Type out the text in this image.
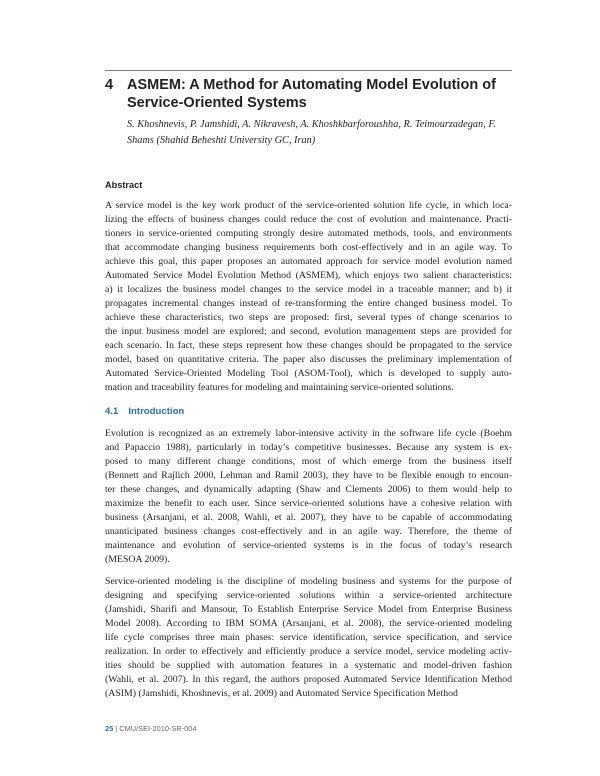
4 ASMEM: A Method for Automating Model Evolution of
Service-Oriented Systems
S. Khoshnevis, P. Jamshidi, A. Nikravesh, A. Khoshkbarforoushha, R. Teimourzadegan, F.
Shams (Shahid Beheshti University GC, Iran)
Abstract
A service model is the key work product of the service-oriented solution life cycle, in which loca-
lizing the effects of business changes could reduce the cost of evolution and maintenance. Practi-
tioners in service-oriented computing strongly desire automated methods, tools, and environments
that accommodate changing business requirements both cost-effectively and in an agile way. To
achieve this goal, this paper proposes an automated approach for service model evolution named
Automated Service Model Evolution Method (ASMEM), which enjoys two salient characteristics:
a) it localizes the business model changes to the service model in a traceable manner; and b) it
propagates incremental changes instead of re-transforming the entire changed business model. To
achieve these characteristics, two steps are proposed: first, several types of change scenarios to
the input business model are explored; and second, evolution management steps are provided for
each scenario. In fact, these steps represent how these changes should be propagated to the service
model, based on quantitative criteria. The paper also discusses the preliminary implementation of
Automated Service-Oriented Modeling Tool (ASOM-Tool), which is developed to supply auto-
mation and traceability features for modeling and maintaining service-oriented solutions.
4.1 Introduction
Evolution is recognized as an extremely labor-intensive activity in the software life cycle (Boehm
and Papaccio 1988), particularly in today’s competitive businesses. Because any system is ex-
posed to many different change conditions, most of which emerge from the business itself
(Bennett and Rajlich 2000, Lehman and Ramil 2003), they have to be flexible enough to encoun-
ter these changes, and dynamically adapting (Shaw and Clements 2006) to them would help to
maximize the benefit to each user. Since service-oriented solutions have a cohesive relation with
business (Arsanjani, et al. 2008, Wahli, et al. 2007), they have to be capable of accommodating
unanticipated business changes cost-effectively and in an agile way. Therefore, the theme of
maintenance and evolution of service-oriented systems is in the focus of today’s research
(MESOA 2009).
Service-oriented modeling is the discipline of modeling business and systems for the purpose of
designing and specifying service-oriented solutions within a service-oriented architecture
(Jamshidi, Sharifi and Mansour, To Establish Enterprise Service Model from Enterprise Business
Model 2008). According to IBM SOMA (Arsanjani, et al. 2008), the service-oriented modeling
life cycle comprises three main phases: service identification, service specification, and service
realization. In order to effectively and efficiently produce a service model, service modeling activ-
ities should be supplied with automation features in a systematic and model-driven fashion
(Wahli, et al. 2007). In this regard, the authors proposed Automated Service Identification Method
(ASIM) (Jamshidi, Khoshnevis, et al. 2009) and Automated Service Specification Method
25 | CMU/SEI-2010-SR-004
